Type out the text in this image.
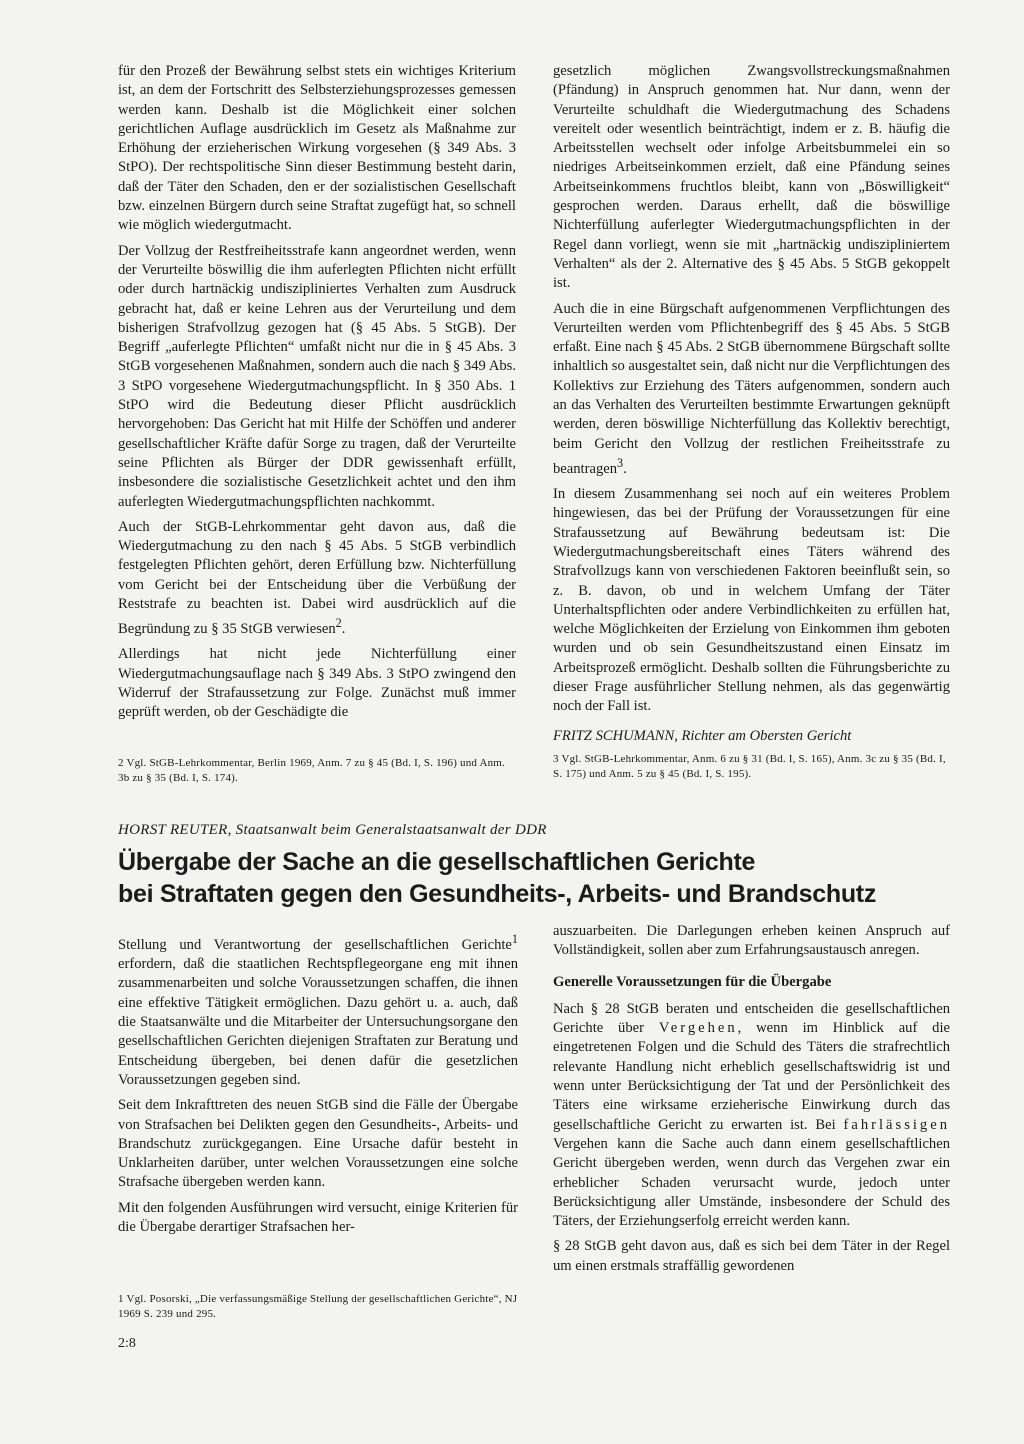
für den Prozeß der Bewährung selbst stets ein wichtiges Kriterium ist, an dem der Fortschritt des Selbsterziehungsprozesses gemessen werden kann. Deshalb ist die Möglichkeit einer solchen gerichtlichen Auflage ausdrücklich im Gesetz als Maßnahme zur Erhöhung der erzieherischen Wirkung vorgesehen (§ 349 Abs. 3 StPO). Der rechtspolitische Sinn dieser Bestimmung besteht darin, daß der Täter den Schaden, den er der sozialistischen Gesellschaft bzw. einzelnen Bürgern durch seine Straftat zugefügt hat, so schnell wie möglich wiedergutmacht.

Der Vollzug der Restfreiheitsstrafe kann angeordnet werden, wenn der Verurteilte böswillig die ihm auferlegten Pflichten nicht erfüllt oder durch hartnäckig undiszipliniertes Verhalten zum Ausdruck gebracht hat, daß er keine Lehren aus der Verurteilung und dem bisherigen Strafvollzug gezogen hat (§ 45 Abs. 5 StGB). Der Begriff „auferlegte Pflichten“ umfaßt nicht nur die in § 45 Abs. 3 StGB vorgesehenen Maßnahmen, sondern auch die nach § 349 Abs. 3 StPO vorgesehene Wiedergutmachungspflicht. In § 350 Abs. 1 StPO wird die Bedeutung dieser Pflicht ausdrücklich hervorgehoben: Das Gericht hat mit Hilfe der Schöffen und anderer gesellschaftlicher Kräfte dafür Sorge zu tragen, daß der Verurteilte seine Pflichten als Bürger der DDR gewissenhaft erfüllt, insbesondere die sozialistische Gesetzlichkeit achtet und den ihm auferlegten Wiedergutmachungspflichten nachkommt.

Auch der StGB-Lehrkommentar geht davon aus, daß die Wiedergutmachung zu den nach § 45 Abs. 5 StGB verbindlich festgelegten Pflichten gehört, deren Erfüllung bzw. Nichterfüllung vom Gericht bei der Entscheidung über die Verbüßung der Reststrafe zu beachten ist. Dabei wird ausdrücklich auf die Begründung zu § 35 StGB verwiesen$^2$.

Allerdings hat nicht jede Nichterfüllung einer Wiedergutmachungsauflage nach § 349 Abs. 3 StPO zwingend den Widerruf der Strafaussetzung zur Folge. Zunächst muß immer geprüft werden, ob der Geschädigte die

gesetzlich möglichen Zwangsvollstreckungsmaßnahmen (Pfändung) in Anspruch genommen hat. Nur dann, wenn der Verurteilte schuldhaft die Wiedergutmachung des Schadens vereitelt oder wesentlich beinträchtigt, indem er z. B. häufig die Arbeitsstellen wechselt oder infolge Arbeitsbummelei ein so niedriges Arbeitseinkommen erzielt, daß eine Pfändung seines Arbeitseinkommens fruchtlos bleibt, kann von „Böswilligkeit“ gesprochen werden. Daraus erhellt, daß die böswillige Nichterfüllung auferlegter Wiedergutmachungspflichten in der Regel dann vorliegt, wenn sie mit „hartnäckig undiszipliniertem Verhalten“ als der 2. Alternative des § 45 Abs. 5 StGB gekoppelt ist.

Auch die in eine Bürgschaft aufgenommenen Verpflichtungen des Verurteilten werden vom Pflichtenbegriff des § 45 Abs. 5 StGB erfaßt. Eine nach § 45 Abs. 2 StGB übernommene Bürgschaft sollte inhaltlich so ausgestaltet sein, daß nicht nur die Verpflichtungen des Kollektivs zur Erziehung des Täters aufgenommen, sondern auch an das Verhalten des Verurteilten bestimmte Erwartungen geknüpft werden, deren böswillige Nichterfüllung das Kollektiv berechtigt, beim Gericht den Vollzug der restlichen Freiheitsstrafe zu beantragen$^3$.

In diesem Zusammenhang sei noch auf ein weiteres Problem hingewiesen, das bei der Prüfung der Voraussetzungen für eine Strafaussetzung auf Bewährung bedeutsam ist: Die Wiedergutmachungsbereitschaft eines Täters während des Strafvollzugs kann von verschiedenen Faktoren beeinflußt sein, so z. B. davon, ob und in welchem Umfang der Täter Unterhaltspflichten oder andere Verbindlichkeiten zu erfüllen hat, welche Möglichkeiten der Erzielung von Einkommen ihm geboten wurden und ob sein Gesundheitszustand einen Einsatz im Arbeitsprozeß ermöglicht. Deshalb sollten die Führungsberichte zu dieser Frage ausführlicher Stellung nehmen, als das gegenwärtig noch der Fall ist.

FRITZ SCHUMANN, Richter am Obersten Gericht

2 Vgl. StGB-Lehrkommentar, Berlin 1969, Anm. 7 zu § 45 (Bd. I, S. 196) und Anm. 3b zu § 35 (Bd. I, S. 174).
3 Vgl. StGB-Lehrkommentar, Anm. 6 zu § 31 (Bd. I, S. 165), Anm. 3c zu § 35 (Bd. I, S. 175) und Anm. 5 zu § 45 (Bd. I, S. 195).
HORST REUTER, Staatsanwalt beim Generalstaatsanwalt der DDR
Übergabe der Sache an die gesellschaftlichen Gerichte
bei Straftaten gegen den Gesundheits-, Arbeits- und Brandschutz

Stellung und Verantwortung der gesellschaftlichen Gerichte$^1$ erfordern, daß die staatlichen Rechtspflegeorgane eng mit ihnen zusammenarbeiten und solche Voraussetzungen schaffen, die ihnen eine effektive Tätigkeit ermöglichen. Dazu gehört u. a. auch, daß die Staatsanwälte und die Mitarbeiter der Untersuchungsorgane den gesellschaftlichen Gerichten diejenigen Straftaten zur Beratung und Entscheidung übergeben, bei denen dafür die gesetzlichen Voraussetzungen gegeben sind.

Seit dem Inkrafttreten des neuen StGB sind die Fälle der Übergabe von Strafsachen bei Delikten gegen den Gesundheits-, Arbeits- und Brandschutz zurückgegangen. Eine Ursache dafür besteht in Unklarheiten darüber, unter welchen Voraussetzungen eine solche Strafsache übergeben werden kann.

Mit den folgenden Ausführungen wird versucht, einige Kriterien für die Übergabe derartiger Strafsachen her-

auszuarbeiten. Die Darlegungen erheben keinen Anspruch auf Vollständigkeit, sollen aber zum Erfahrungsaustausch anregen.

Generelle Voraussetzungen für die Übergabe

Nach § 28 StGB beraten und entscheiden die gesellschaftlichen Gerichte über Vergehen, wenn im Hinblick auf die eingetretenen Folgen und die Schuld des Täters die strafrechtlich relevante Handlung nicht erheblich gesellschaftswidrig ist und wenn unter Berücksichtigung der Tat und der Persönlichkeit des Täters eine wirksame erzieherische Einwirkung durch das gesellschaftliche Gericht zu erwarten ist. Bei fahrlässigen Vergehen kann die Sache auch dann einem gesellschaftlichen Gericht übergeben werden, wenn durch das Vergehen zwar ein erheblicher Schaden verursacht wurde, jedoch unter Berücksichtigung aller Umstände, insbesondere der Schuld des Täters, der Erziehungserfolg erreicht werden kann.

§ 28 StGB geht davon aus, daß es sich bei dem Täter in der Regel um einen erstmals straffällig gewordenen

1 Vgl. Posorski, „Die verfassungsmäßige Stellung der gesellschaftlichen Gerichte“, NJ 1969 S. 239 und 295.
2:8
